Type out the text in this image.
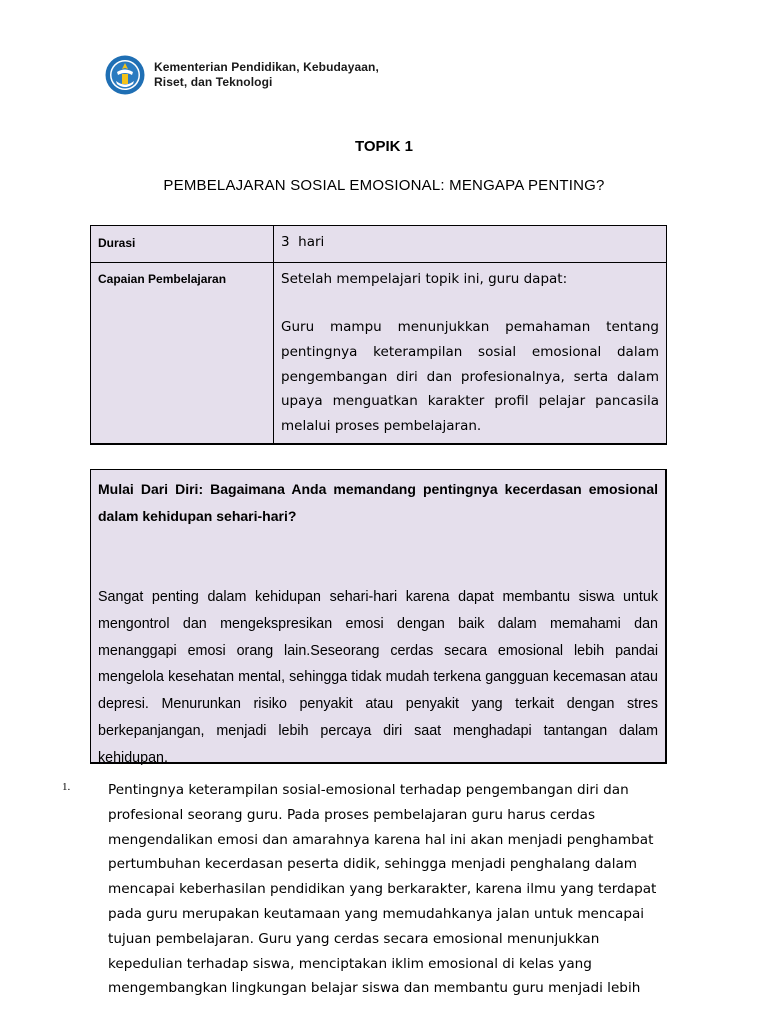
Kementerian Pendidikan, Kebudayaan,
Riset, dan Teknologi
TOPIK 1
PEMBELAJARAN SOSIAL EMOSIONAL: MENGAPA PENTING?
Durasi	3  hari
Capaian Pembelajaran	Setelah mempelajari topik ini, guru dapat:

Guru mampu menunjukkan pemahaman tentang pentingnya keterampilan sosial emosional dalam pengembangan diri dan profesionalnya, serta dalam upaya menguatkan karakter profil pelajar pancasila melalui proses pembelajaran.

Mulai Dari Diri: Bagaimana Anda memandang pentingnya kecerdasan emosional dalam kehidupan sehari-hari?

Sangat penting dalam kehidupan sehari-hari karena dapat membantu siswa untuk mengontrol dan mengekspresikan emosi dengan baik dalam memahami dan menanggapi emosi orang lain.Seseorang cerdas secara emosional lebih pandai mengelola kesehatan mental, sehingga tidak mudah terkena gangguan kecemasan atau depresi. Menurunkan risiko penyakit atau penyakit yang terkait dengan stres berkepanjangan, menjadi lebih percaya diri saat menghadapi tantangan dalam kehidupan.

1.	Pentingnya keterampilan sosial-emosional terhadap pengembangan diri dan
profesional seorang guru. Pada proses pembelajaran guru harus cerdas
mengendalikan emosi dan amarahnya karena hal ini akan menjadi penghambat
pertumbuhan kecerdasan peserta didik, sehingga menjadi penghalang dalam
mencapai keberhasilan pendidikan yang berkarakter, karena ilmu yang terdapat
pada guru merupakan keutamaan yang memudahkanya jalan untuk mencapai
tujuan pembelajaran. Guru yang cerdas secara emosional menunjukkan
kepedulian terhadap siswa, menciptakan iklim emosional di kelas yang
mengembangkan lingkungan belajar siswa dan membantu guru menjadi lebih
